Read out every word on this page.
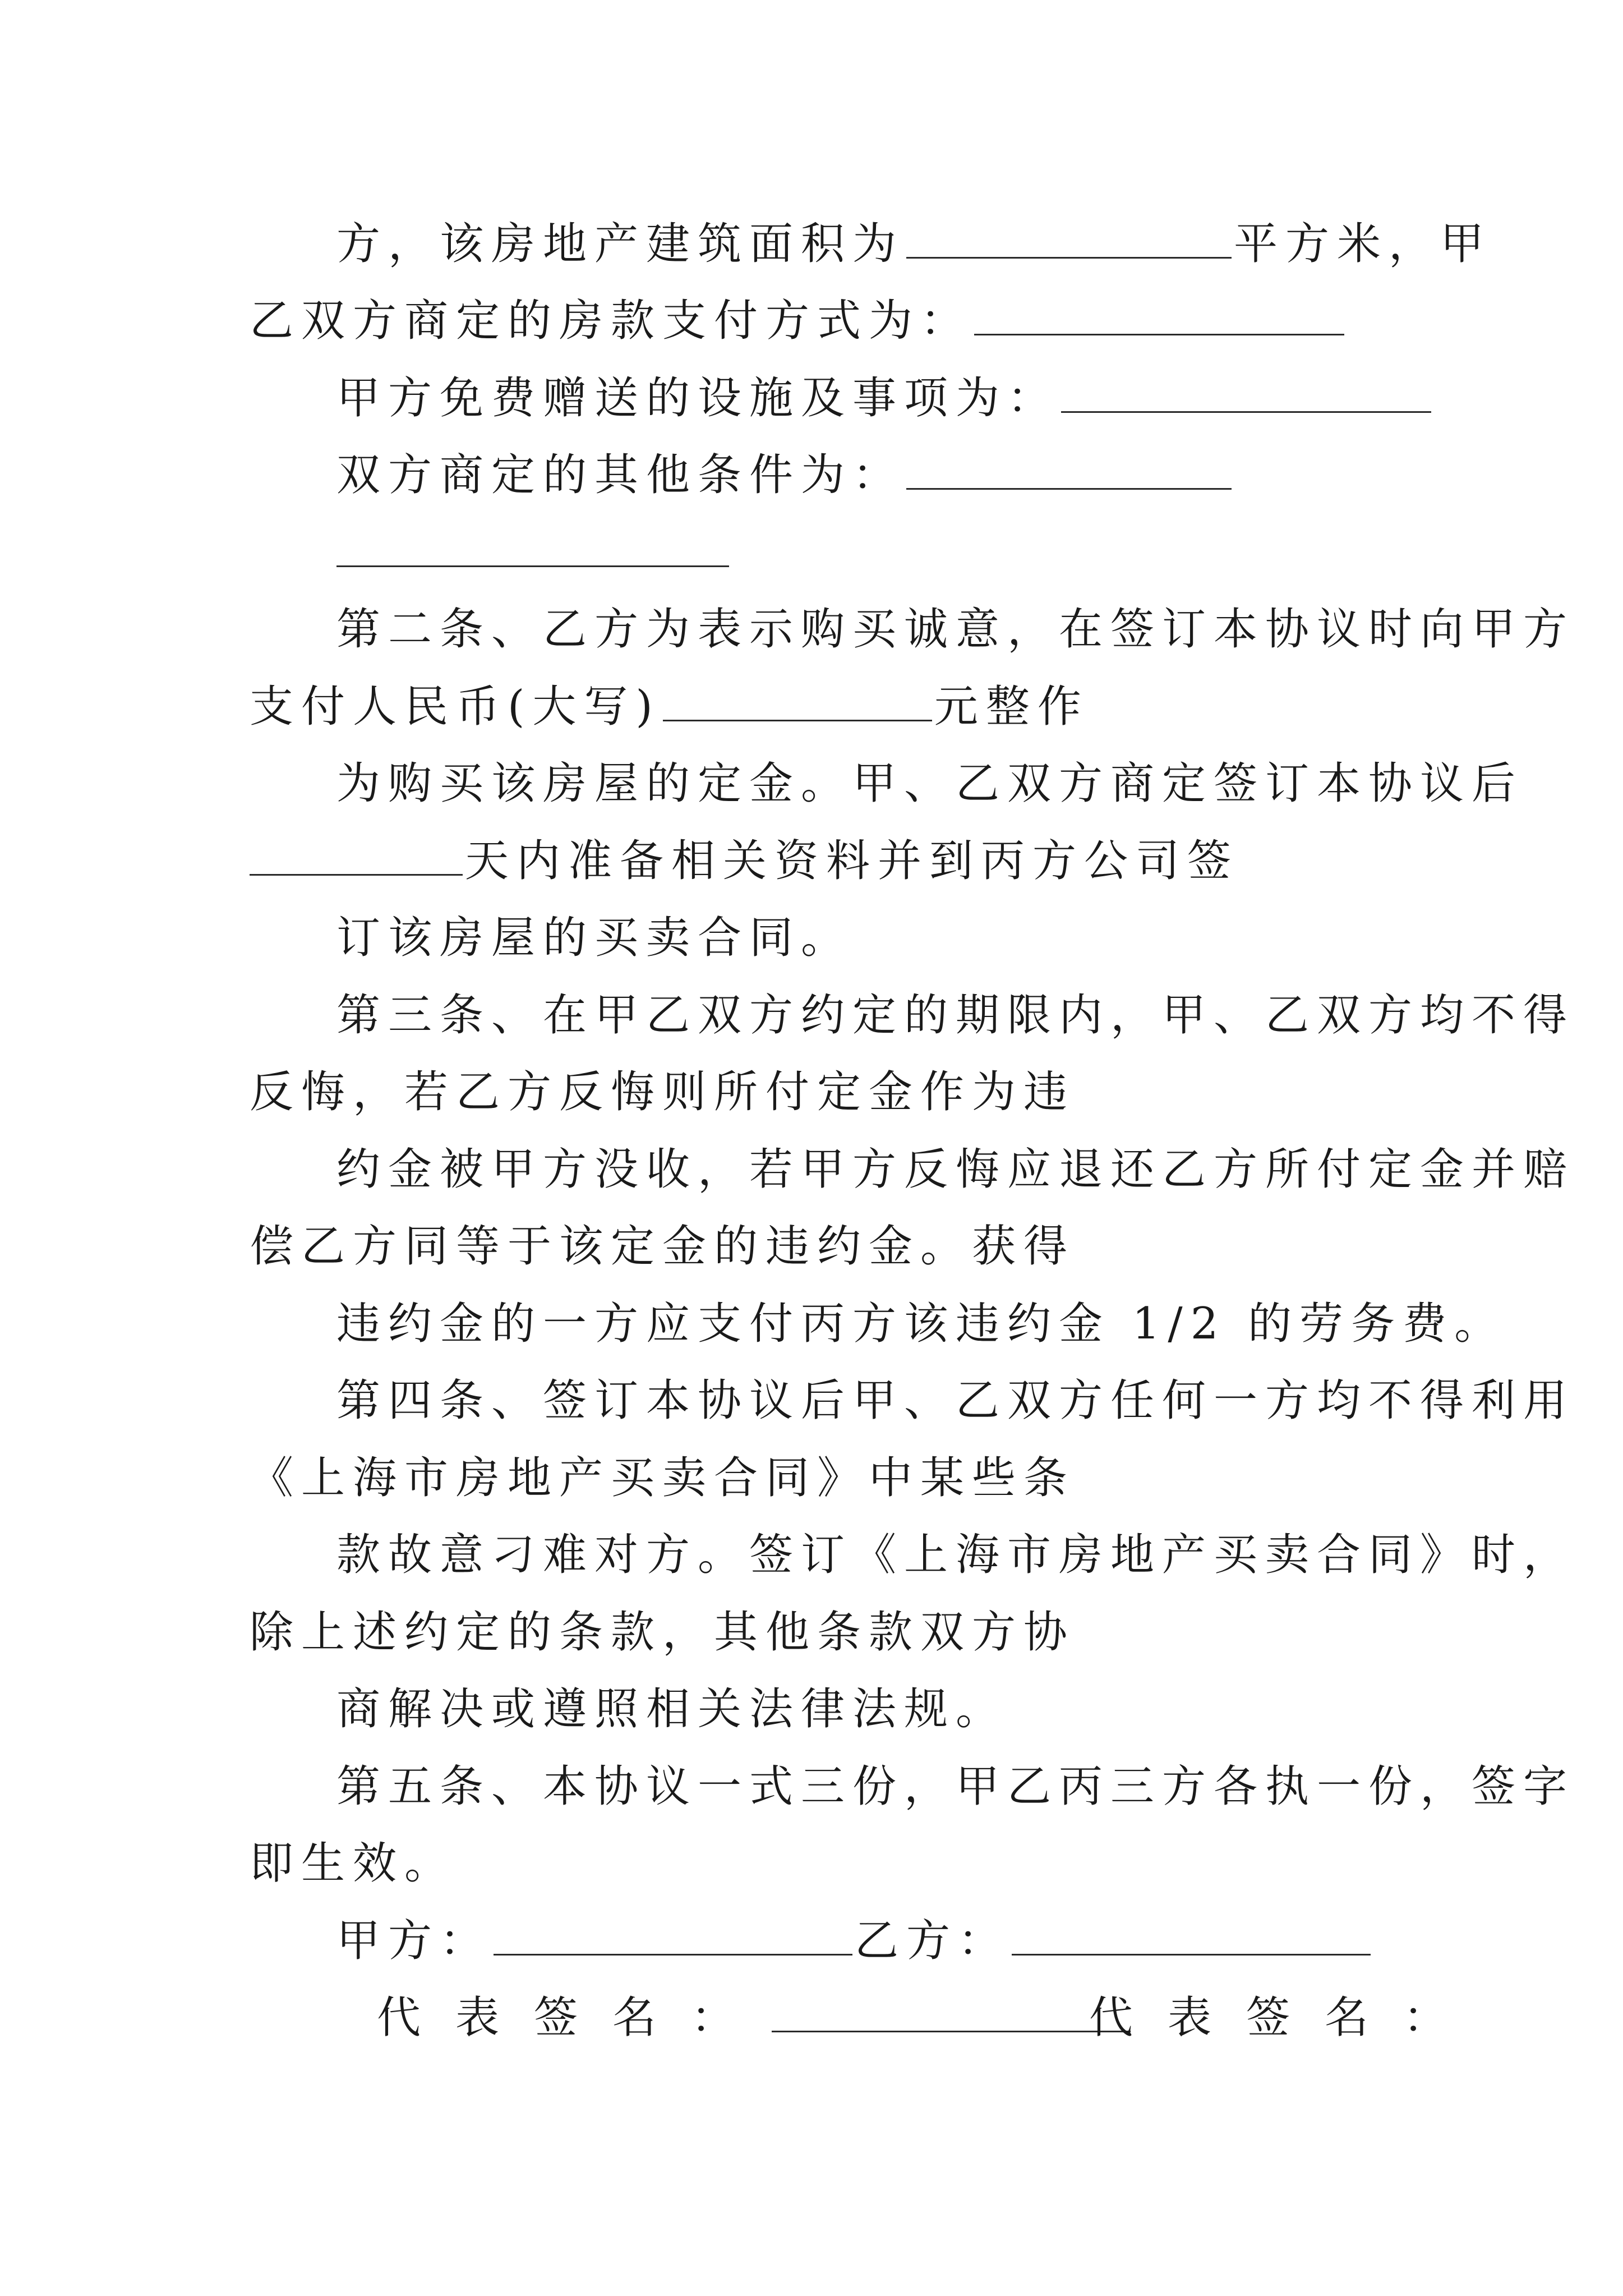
方，该房地产建筑面积为	平方米，甲
乙双方商定的房款支付方式为：
甲方免费赠送的设施及事项为：
双方商定的其他条件为：
第二条、乙方为表示购买诚意，在签订本协议时向甲方
支付人民币(大写)	元整作
为购买该房屋的定金。甲、乙双方商定签订本协议后
天内准备相关资料并到丙方公司签
订该房屋的买卖合同。
第三条、在甲乙双方约定的期限内，甲、乙双方均不得
反悔，若乙方反悔则所付定金作为违
约金被甲方没收，若甲方反悔应退还乙方所付定金并赔
偿乙方同等于该定金的违约金。获得
违约金的一方应支付丙方该违约金 1/2 的劳务费。
第四条、签订本协议后甲、乙双方任何一方均不得利用
《上海市房地产买卖合同》中某些条
款故意刁难对方。签订《上海市房地产买卖合同》时，
除上述约定的条款，其他条款双方协
商解决或遵照相关法律法规。
第五条、本协议一式三份，甲乙丙三方各执一份，签字
即生效。
甲方：	乙方：
代表签名：	代表签名：
